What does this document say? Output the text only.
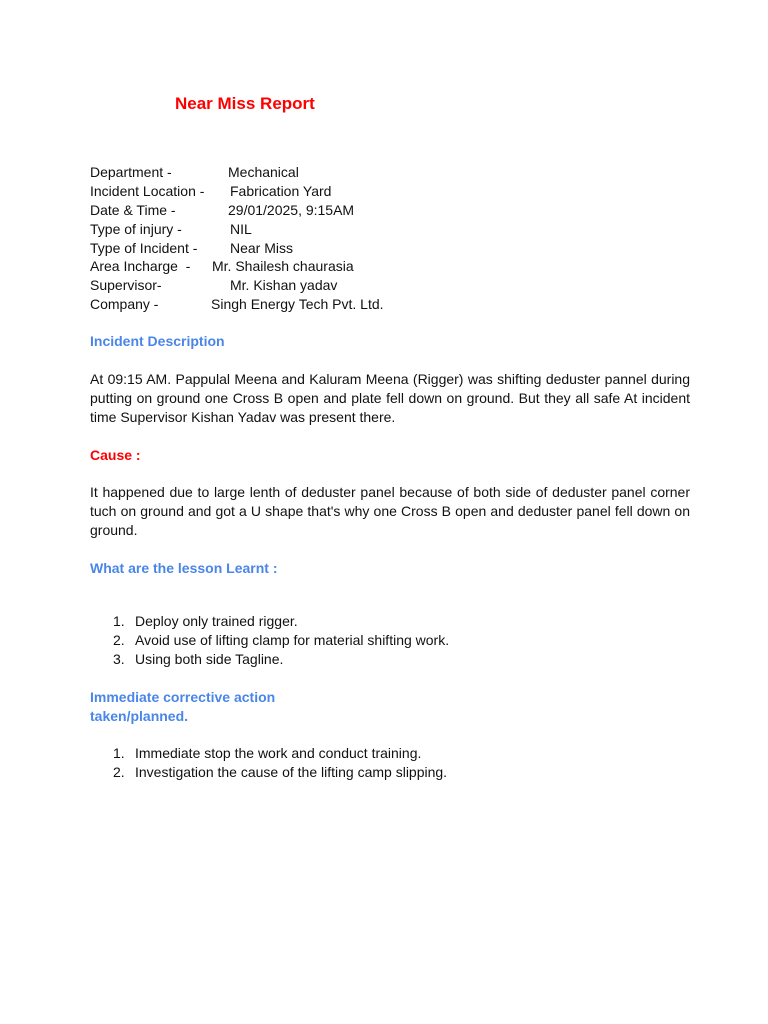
Near Miss Report
Department -	Mechanical
Incident Location - Fabrication Yard
Date & Time -	29/01/2025, 9:15AM
Type of injury -	NIL
Type of Incident - Near Miss
Area Incharge  - Mr. Shailesh chaurasia
Supervisor-	Mr. Kishan yadav
Company -	Singh Energy Tech Pvt. Ltd.
Incident Description

At 09:15 AM. Pappulal Meena and Kaluram Meena (Rigger) was shifting deduster pannel during putting on ground one Cross B open and plate fell down on ground. But they all safe At incident time Supervisor Kishan Yadav was present there.

Cause :

It happened due to large lenth of deduster panel because of both side of deduster panel corner tuch on ground and got a U shape that's why one Cross B open and deduster panel fell down on ground.

What are the lesson Learnt :
1. Deploy only trained rigger.
2. Avoid use of lifting clamp for material shifting work.
3. Using both side Tagline.
Immediate corrective action
taken/planned.
1. Immediate stop the work and conduct training.
2. Investigation the cause of the lifting camp slipping.
